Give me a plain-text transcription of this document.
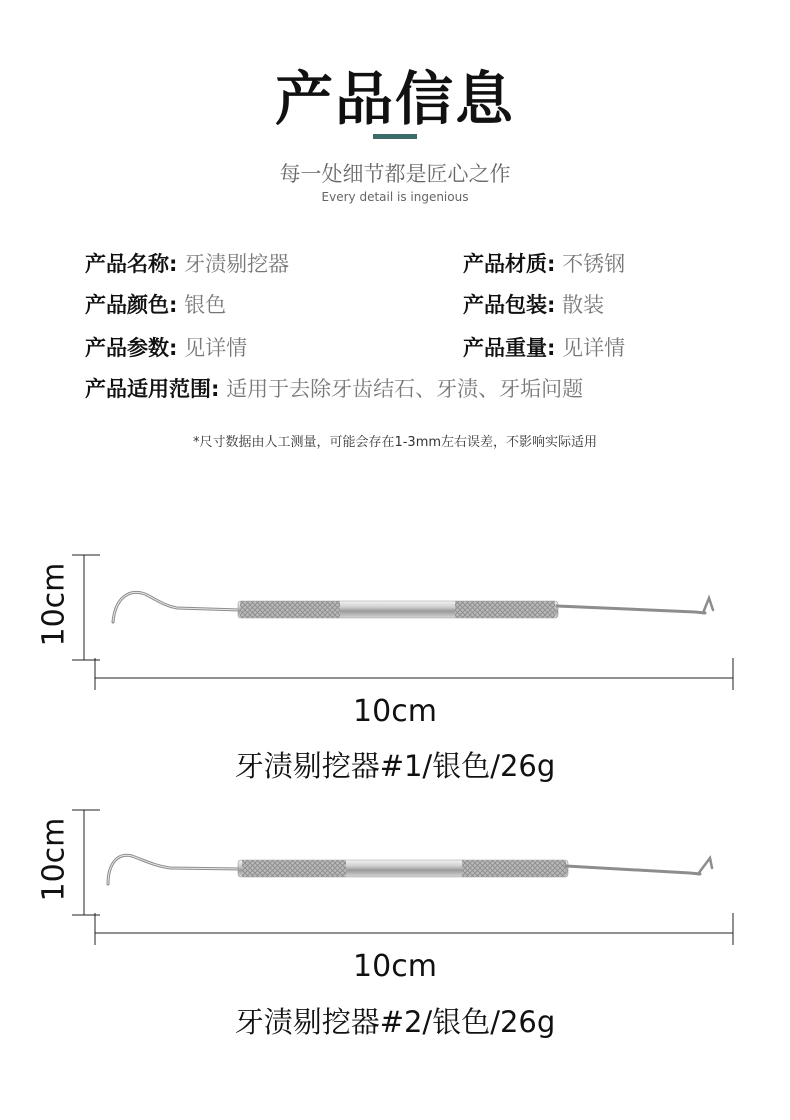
产品信息
每一处细节都是匠心之作
Every detail is ingenious
产品名称: 牙渍剔挖器	产品材质: 不锈钢
产品颜色: 银色	产品包装: 散装
产品参数: 见详情	产品重量: 见详情
产品适用范围: 适用于去除牙齿结石、牙渍、牙垢问题
*尺寸数据由人工测量，可能会存在1-3mm左右误差，不影响实际适用
10cm
10cm
牙渍剔挖器#1/银色/26g
10cm
10cm
牙渍剔挖器#2/银色/26g
